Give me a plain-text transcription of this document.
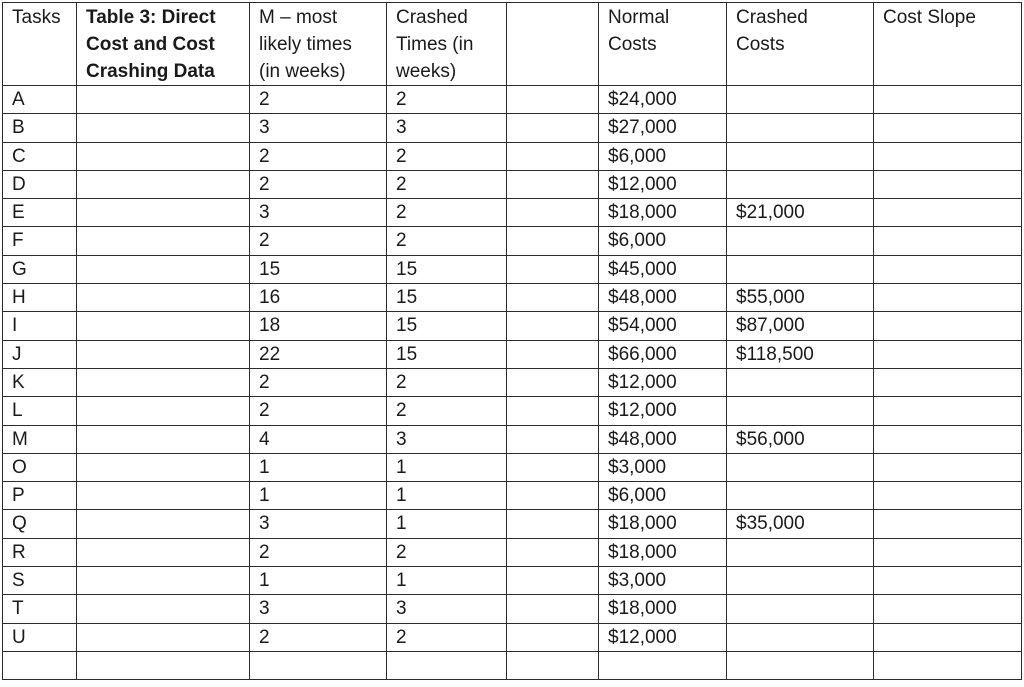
Tasks	Table 3: Direct
Cost and Cost
Crashing Data	M – most
likely times
(in weeks)	Crashed
Times (in
weeks)		Normal
Costs	Crashed
Costs	Cost Slope
A		2	2		$24,000		
B		3	3		$27,000		
C		2	2		$6,000		
D		2	2		$12,000		
E		3	2		$18,000	$21,000	
F		2	2		$6,000		
G		15	15		$45,000		
H		16	15		$48,000	$55,000	
I		18	15		$54,000	$87,000	
J		22	15		$66,000	$118,500	
K		2	2		$12,000		
L		2	2		$12,000		
M		4	3		$48,000	$56,000	
O		1	1		$3,000		
P		1	1		$6,000		
Q		3	1		$18,000	$35,000	
R		2	2		$18,000		
S		1	1		$3,000		
T		3	3		$18,000		
U		2	2		$12,000		
